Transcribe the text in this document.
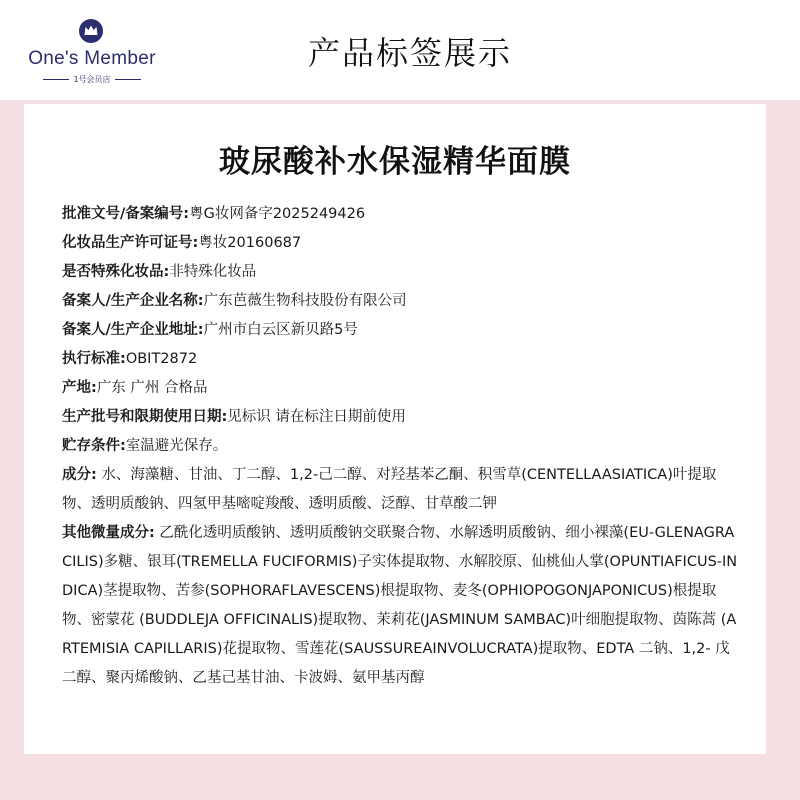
One's Member
1号会员店
产品标签展示
玻尿酸补水保湿精华面膜
批准文号/备案编号:粤G妆网备字2025249426
化妆品生产许可证号:粤妆20160687
是否特殊化妆品:非特殊化妆品
备案人/生产企业名称:广东芭薇生物科技股份有限公司
备案人/生产企业地址:广州市白云区新贝路5号
执行标准:OBIT2872
产地:广东 广州 合格品
生产批号和限期使用日期:见标识 请在标注日期前使用
贮存条件:室温避光保存。
成分: 水、海藻糖、甘油、丁二醇、1,2-己二醇、对羟基苯乙酮、积雪草(CENTELLAASIATICA)叶提取物、透明质酸钠、四氢甲基嘧啶羧酸、透明质酸、泛醇、甘草酸二钾
其他微量成分: 乙酰化透明质酸钠、透明质酸钠交联聚合物、水解透明质酸钠、细小裸藻(EU-GLENAGRACILIS)多糖、银耳(TREMELLA FUCIFORMIS)子实体提取物、水解胶原、仙桃仙人掌(OPUNTIAFICUS-INDICA)茎提取物、苦参(SOPHORAFLAVESCENS)根提取物、麦冬(OPHIOPOGONJAPONICUS)根提取物、密蒙花 (BUDDLEJA OFFICINALIS)提取物、茉莉花(JASMINUM SAMBAC)叶细胞提取物、茵陈蒿 (ARTEMISIA CAPILLARIS)花提取物、雪莲花(SAUSSUREAINVOLUCRATA)提取物、EDTA 二钠、1,2- 戊二醇、聚丙烯酸钠、乙基己基甘油、卡波姆、氨甲基丙醇
